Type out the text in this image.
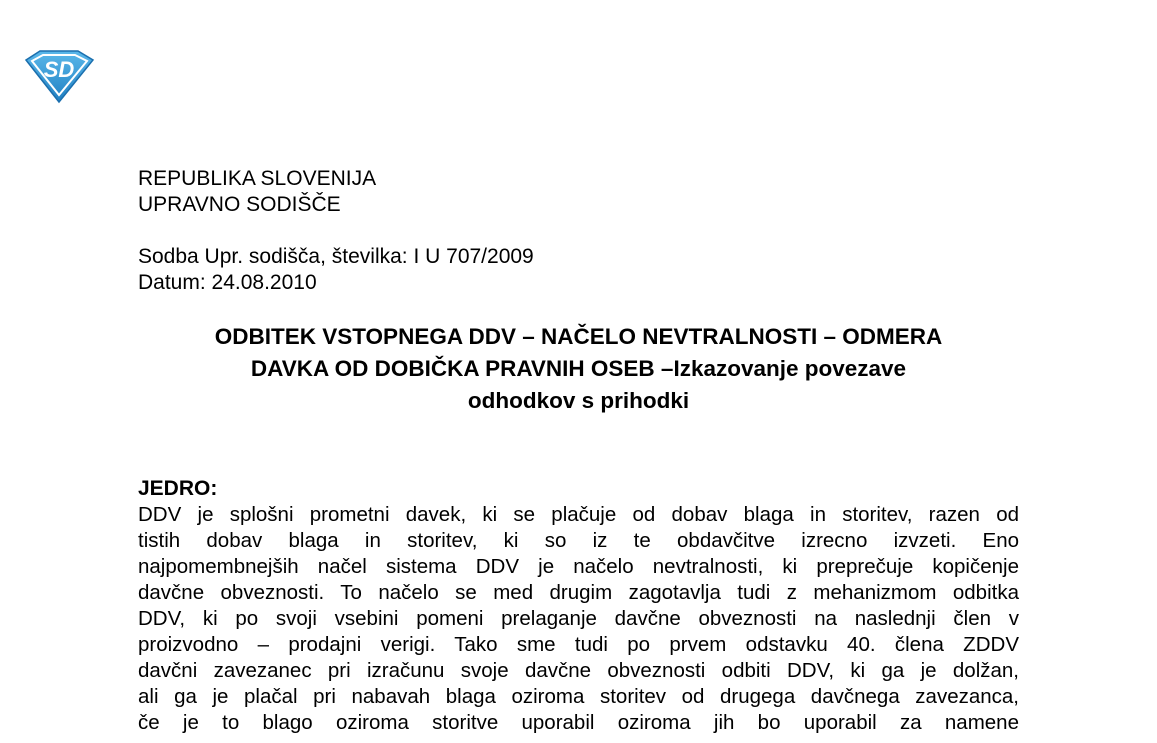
SD
REPUBLIKA SLOVENIJA
UPRAVNO SODIŠČE
Sodba Upr. sodišča, številka: I U 707/2009
Datum: 24.08.2010
ODBITEK VSTOPNEGA DDV – NAČELO NEVTRALNOSTI – ODMERA
DAVKA OD DOBIČKA PRAVNIH OSEB –Izkazovanje povezave
odhodkov s prihodki
JEDRO:
DDV je splošni prometni davek, ki se plačuje od dobav blaga in storitev, razen od
tistih dobav blaga in storitev, ki so iz te obdavčitve izrecno izvzeti. Eno
najpomembnejših načel sistema DDV je načelo nevtralnosti, ki preprečuje kopičenje
davčne obveznosti. To načelo se med drugim zagotavlja tudi z mehanizmom odbitka
DDV, ki po svoji vsebini pomeni prelaganje davčne obveznosti na naslednji člen v
proizvodno – prodajni verigi. Tako sme tudi po prvem odstavku 40. člena ZDDV
davčni zavezanec pri izračunu svoje davčne obveznosti odbiti DDV, ki ga je dolžan,
ali ga je plačal pri nabavah blaga oziroma storitev od drugega davčnega zavezanca,
če je to blago oziroma storitve uporabil oziroma jih bo uporabil za namene
